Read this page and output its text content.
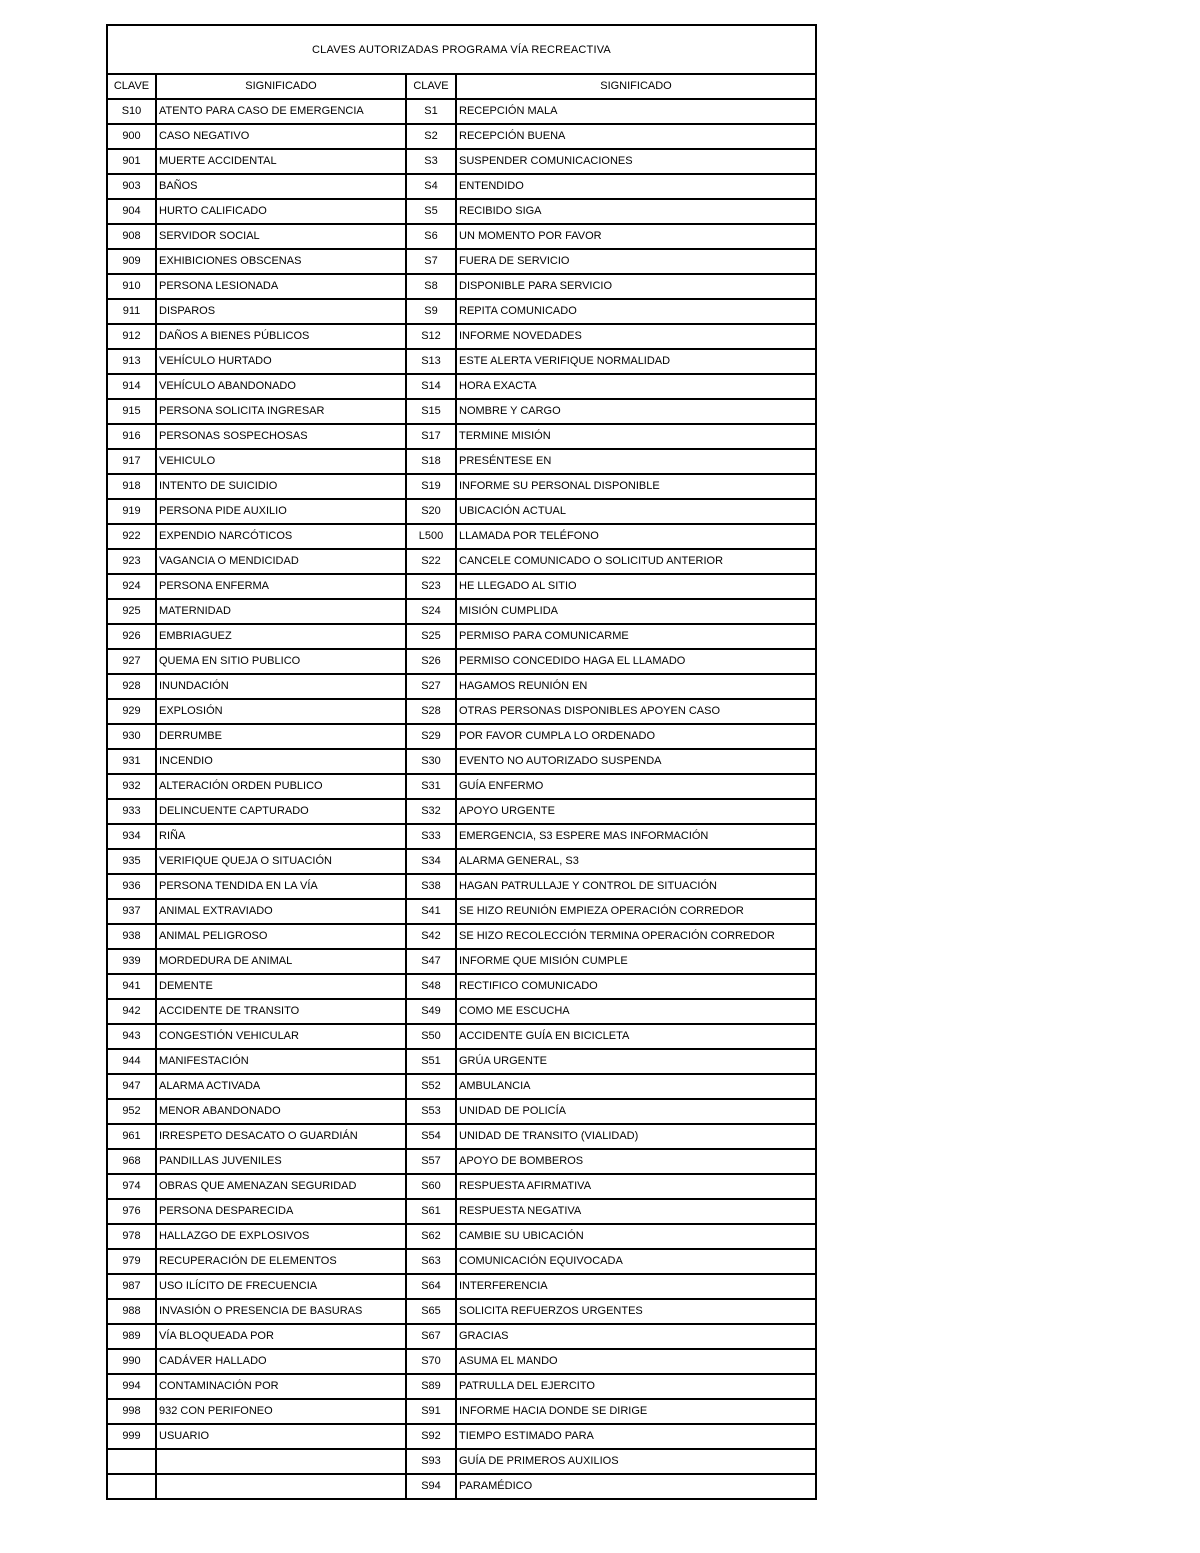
CLAVES AUTORIZADAS PROGRAMA VÍA RECREACTIVA
CLAVE	SIGNIFICADO	CLAVE	SIGNIFICADO
S10	ATENTO PARA CASO DE EMERGENCIA	S1	RECEPCIÓN MALA
900	CASO NEGATIVO	S2	RECEPCIÓN BUENA
901	MUERTE ACCIDENTAL	S3	SUSPENDER COMUNICACIONES
903	BAÑOS	S4	ENTENDIDO
904	HURTO CALIFICADO	S5	RECIBIDO SIGA
908	SERVIDOR SOCIAL	S6	UN MOMENTO POR FAVOR
909	EXHIBICIONES OBSCENAS	S7	FUERA DE SERVICIO
910	PERSONA LESIONADA	S8	DISPONIBLE PARA SERVICIO
911	DISPAROS	S9	REPITA COMUNICADO
912	DAÑOS A BIENES PÚBLICOS	S12	INFORME NOVEDADES
913	VEHÍCULO HURTADO	S13	ESTE ALERTA VERIFIQUE NORMALIDAD
914	VEHÍCULO ABANDONADO	S14	HORA EXACTA
915	PERSONA SOLICITA INGRESAR	S15	NOMBRE Y CARGO
916	PERSONAS SOSPECHOSAS	S17	TERMINE MISIÓN
917	VEHICULO	S18	PRESÉNTESE EN
918	INTENTO DE SUICIDIO	S19	INFORME SU PERSONAL DISPONIBLE
919	PERSONA PIDE AUXILIO	S20	UBICACIÓN ACTUAL
922	EXPENDIO NARCÓTICOS	L500	LLAMADA POR TELÉFONO
923	VAGANCIA O MENDICIDAD	S22	CANCELE COMUNICADO O SOLICITUD ANTERIOR
924	PERSONA ENFERMA	S23	HE LLEGADO AL SITIO
925	MATERNIDAD	S24	MISIÓN CUMPLIDA
926	EMBRIAGUEZ	S25	PERMISO PARA COMUNICARME
927	QUEMA EN SITIO PUBLICO	S26	PERMISO CONCEDIDO HAGA EL LLAMADO
928	INUNDACIÓN	S27	HAGAMOS REUNIÓN EN
929	EXPLOSIÓN	S28	OTRAS PERSONAS DISPONIBLES APOYEN CASO
930	DERRUMBE	S29	POR FAVOR CUMPLA LO ORDENADO
931	INCENDIO	S30	EVENTO NO AUTORIZADO SUSPENDA
932	ALTERACIÓN ORDEN PUBLICO	S31	GUÍA ENFERMO
933	DELINCUENTE CAPTURADO	S32	APOYO URGENTE
934	RIÑA	S33	EMERGENCIA, S3 ESPERE MAS INFORMACIÓN
935	VERIFIQUE QUEJA O SITUACIÓN	S34	ALARMA GENERAL, S3
936	PERSONA TENDIDA EN LA VÍA	S38	HAGAN PATRULLAJE Y CONTROL DE SITUACIÓN
937	ANIMAL EXTRAVIADO	S41	SE HIZO REUNIÓN EMPIEZA OPERACIÓN CORREDOR
938	ANIMAL PELIGROSO	S42	SE HIZO RECOLECCIÓN TERMINA OPERACIÓN CORREDOR
939	MORDEDURA DE ANIMAL	S47	INFORME QUE MISIÓN CUMPLE
941	DEMENTE	S48	RECTIFICO COMUNICADO
942	ACCIDENTE DE TRANSITO	S49	COMO ME ESCUCHA
943	CONGESTIÓN VEHICULAR	S50	ACCIDENTE GUÍA EN BICICLETA
944	MANIFESTACIÓN	S51	GRÚA URGENTE
947	ALARMA ACTIVADA	S52	AMBULANCIA
952	MENOR ABANDONADO	S53	UNIDAD DE POLICÍA
961	IRRESPETO DESACATO O GUARDIÁN	S54	UNIDAD DE TRANSITO (VIALIDAD)
968	PANDILLAS JUVENILES	S57	APOYO DE BOMBEROS
974	OBRAS QUE AMENAZAN SEGURIDAD	S60	RESPUESTA AFIRMATIVA
976	PERSONA DESPARECIDA	S61	RESPUESTA NEGATIVA
978	HALLAZGO DE EXPLOSIVOS	S62	CAMBIE SU UBICACIÓN
979	RECUPERACIÓN DE ELEMENTOS	S63	COMUNICACIÓN EQUIVOCADA
987	USO ILÍCITO DE FRECUENCIA	S64	INTERFERENCIA
988	INVASIÓN O PRESENCIA DE BASURAS	S65	SOLICITA REFUERZOS URGENTES
989	VÍA BLOQUEADA POR	S67	GRACIAS
990	CADÁVER HALLADO	S70	ASUMA EL MANDO
994	CONTAMINACIÓN POR	S89	PATRULLA DEL EJERCITO
998	932 CON PERIFONEO	S91	INFORME HACIA DONDE SE DIRIGE
999	USUARIO	S92	TIEMPO ESTIMADO PARA
		S93	GUÍA DE PRIMEROS AUXILIOS
		S94	PARAMÉDICO
